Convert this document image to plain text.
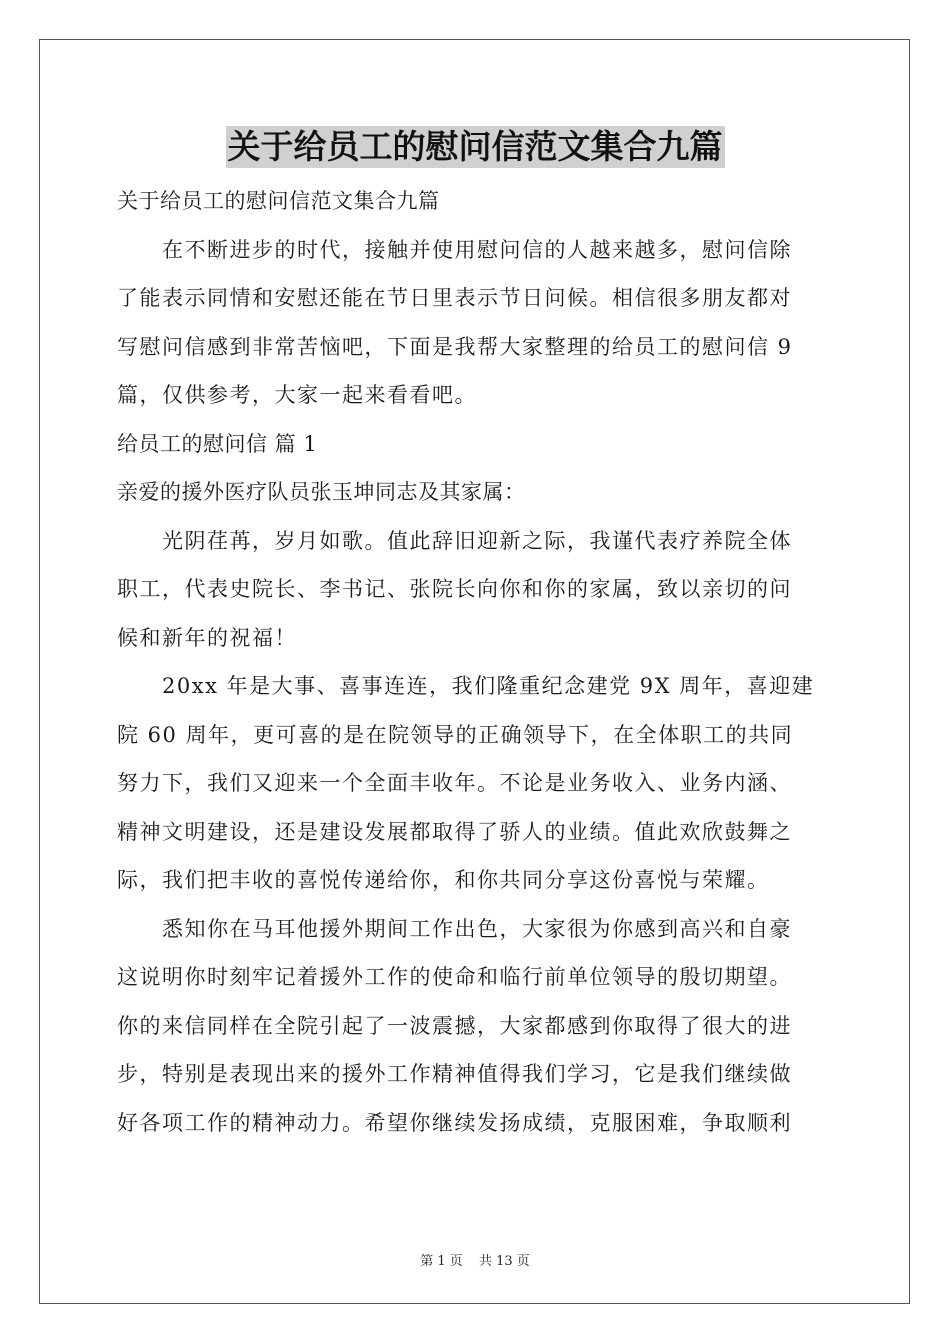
关于给员工的慰问信范文集合九篇
关于给员工的慰问信范文集合九篇
　　在不断进步的时代，接触并使用慰问信的人越来越多，慰问信除
了能表示同情和安慰还能在节日里表示节日问候。相信很多朋友都对
写慰问信感到非常苦恼吧，下面是我帮大家整理的给员工的慰问信 9
篇，仅供参考，大家一起来看看吧。
给员工的慰问信 篇 1
亲爱的援外医疗队员张玉坤同志及其家属：
　　光阴荏苒，岁月如歌。值此辞旧迎新之际，我谨代表疗养院全体
职工，代表史院长、李书记、张院长向你和你的家属，致以亲切的问
候和新年的祝福！
　　20xx 年是大事、喜事连连，我们隆重纪念建党 9X 周年，喜迎建
院 60 周年，更可喜的是在院领导的正确领导下，在全体职工的共同
努力下，我们又迎来一个全面丰收年。不论是业务收入、业务内涵、
精神文明建设，还是建设发展都取得了骄人的业绩。值此欢欣鼓舞之
际，我们把丰收的喜悦传递给你，和你共同分享这份喜悦与荣耀。
　　悉知你在马耳他援外期间工作出色，大家很为你感到高兴和自豪
这说明你时刻牢记着援外工作的使命和临行前单位领导的殷切期望。
你的来信同样在全院引起了一波震撼，大家都感到你取得了很大的进
步，特别是表现出来的援外工作精神值得我们学习，它是我们继续做
好各项工作的精神动力。希望你继续发扬成绩，克服困难，争取顺利
第 1 页 共 13 页
